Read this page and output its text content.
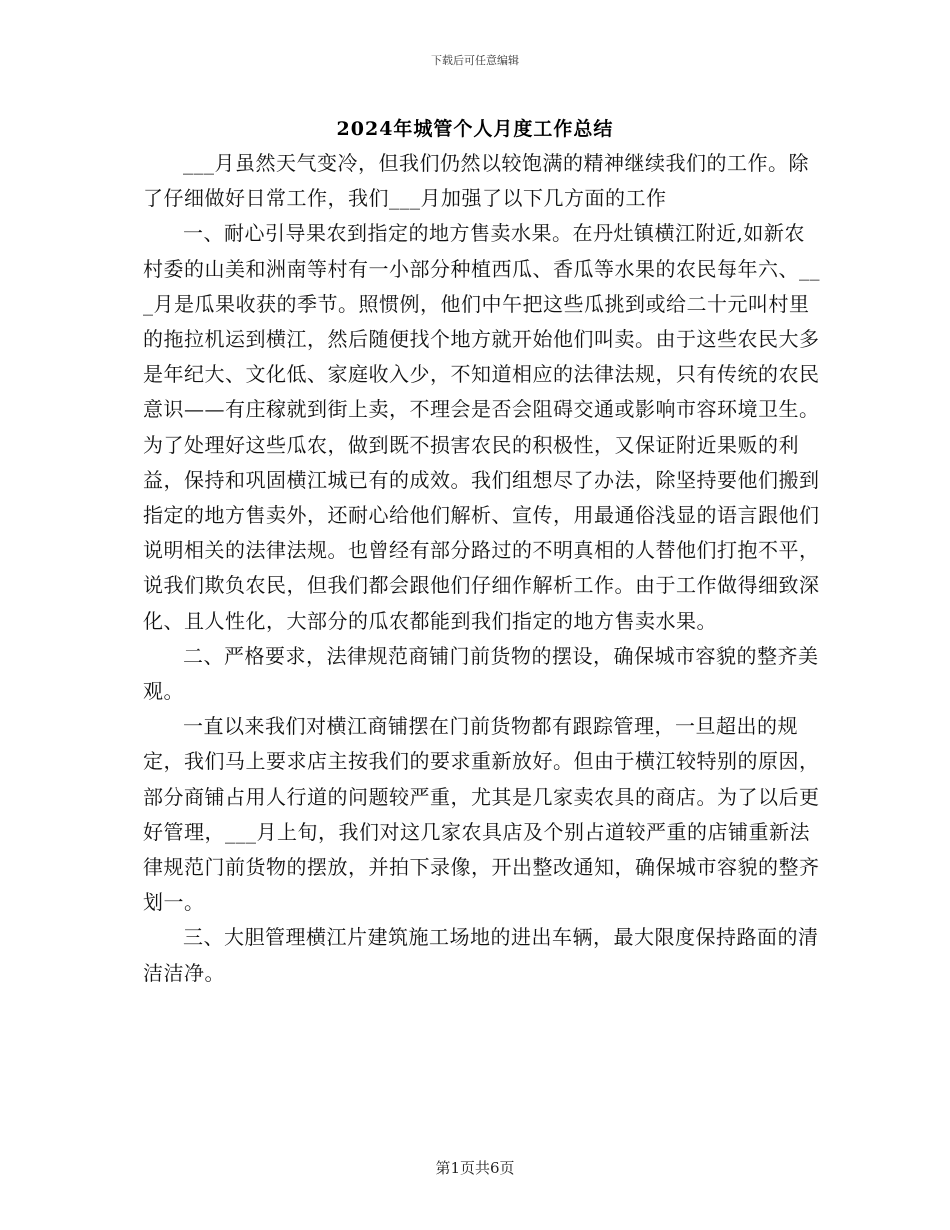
下载后可任意编辑
2024年城管个人月度工作总结

___月虽然天气变冷，但我们仍然以较饱满的精神继续我们的工作。除了仔细做好日常工作，我们___月加强了以下几方面的工作

一、耐心引导果农到指定的地方售卖水果。在丹灶镇横江附近,如新农村委的山美和洲南等村有一小部分种植西瓜、香瓜等水果的农民每年六、___月是瓜果收获的季节。照惯例，他们中午把这些瓜挑到或给二十元叫村里的拖拉机运到横江，然后随便找个地方就开始他们叫卖。由于这些农民大多是年纪大、文化低、家庭收入少，不知道相应的法律法规，只有传统的农民意识——有庄稼就到街上卖，不理会是否会阻碍交通或影响市容环境卫生。为了处理好这些瓜农，做到既不损害农民的积极性，又保证附近果贩的利益，保持和巩固横江城已有的成效。我们组想尽了办法，除坚持要他们搬到指定的地方售卖外，还耐心给他们解析、宣传，用最通俗浅显的语言跟他们说明相关的法律法规。也曾经有部分路过的不明真相的人替他们打抱不平，说我们欺负农民，但我们都会跟他们仔细作解析工作。由于工作做得细致深化、且人性化，大部分的瓜农都能到我们指定的地方售卖水果。

二、严格要求，法律规范商铺门前货物的摆设，确保城市容貌的整齐美观。

一直以来我们对横江商铺摆在门前货物都有跟踪管理，一旦超出的规定，我们马上要求店主按我们的要求重新放好。但由于横江较特别的原因，部分商铺占用人行道的问题较严重，尤其是几家卖农具的商店。为了以后更好管理，___月上旬，我们对这几家农具店及个别占道较严重的店铺重新法律规范门前货物的摆放，并拍下录像，开出整改通知，确保城市容貌的整齐划一。

三、大胆管理横江片建筑施工场地的进出车辆，最大限度保持路面的清洁洁净。

第1页共6页
